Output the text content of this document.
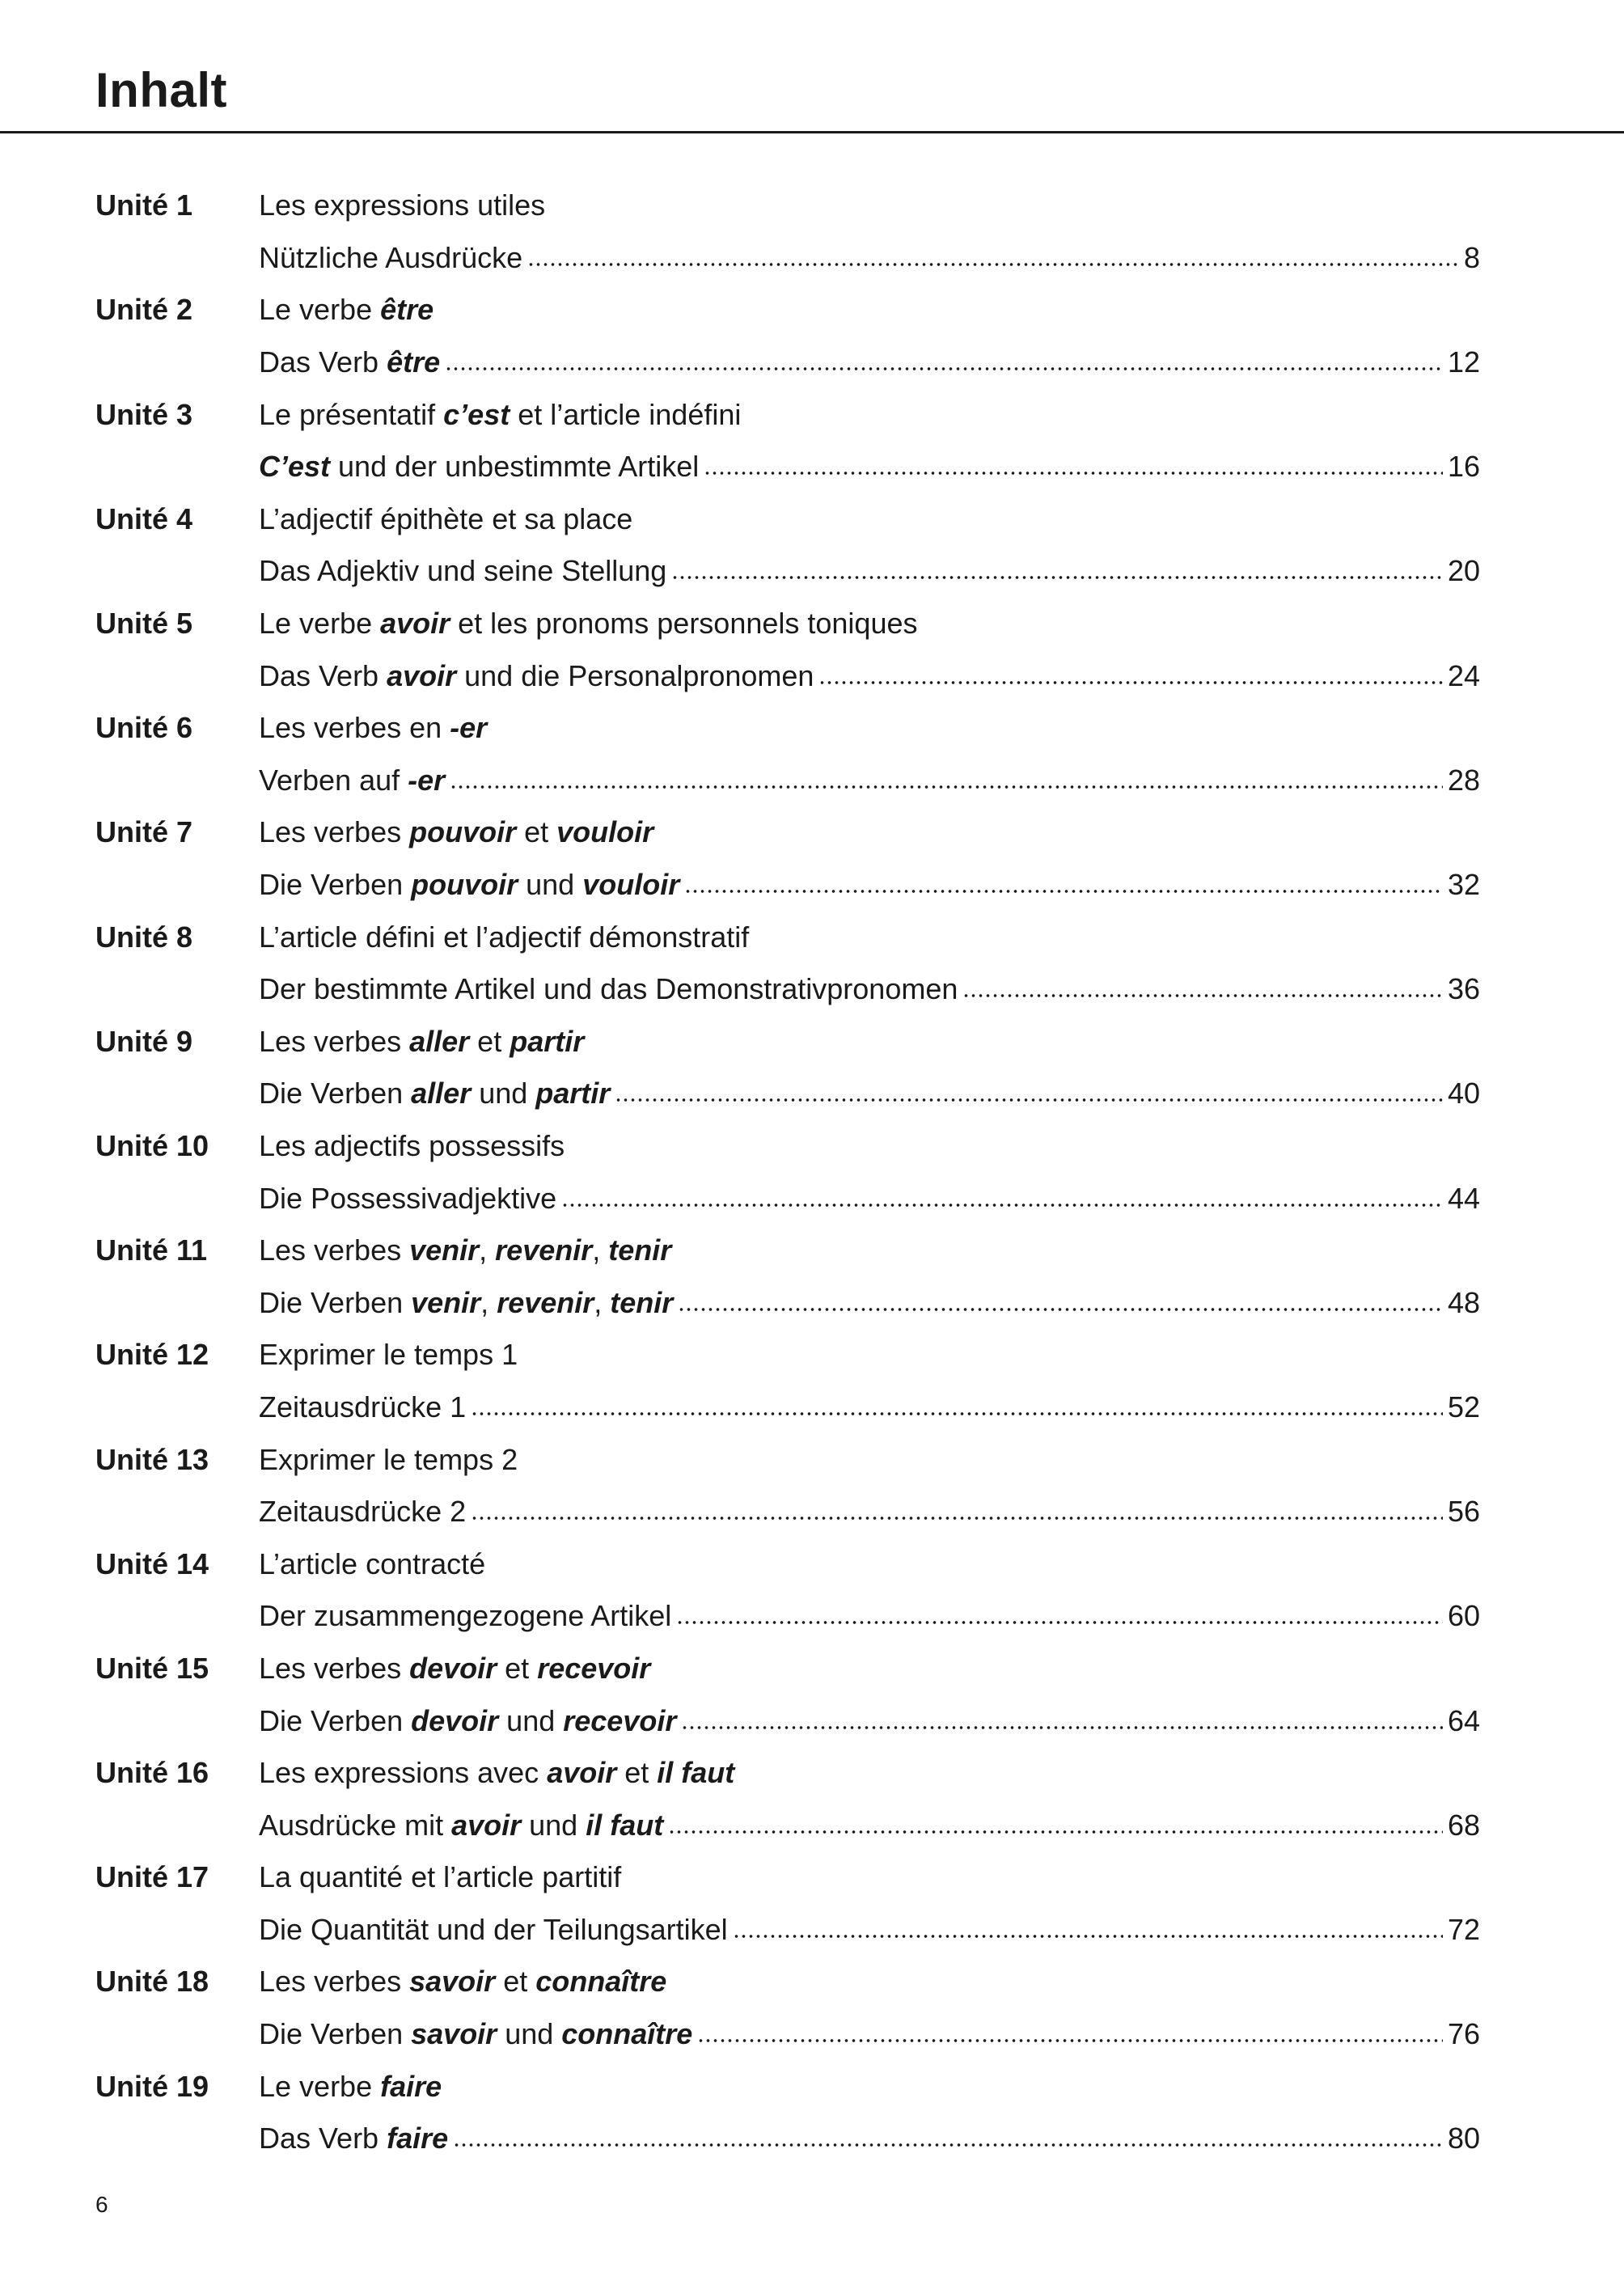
Inhalt
Unité 1	Les expressions utiles
Nützliche Ausdrücke	8
Unité 2	Le verbe être
Das Verb être	12
Unité 3	Le présentatif c’est et l’article indéfini
C’est und der unbestimmte Artikel	16
Unité 4	L’adjectif épithète et sa place
Das Adjektiv und seine Stellung	20
Unité 5	Le verbe avoir et les pronoms personnels toniques
Das Verb avoir und die Personalpronomen	24
Unité 6	Les verbes en -er
Verben auf -er	28
Unité 7	Les verbes pouvoir et vouloir
Die Verben pouvoir und vouloir	32
Unité 8	L’article défini et l’adjectif démonstratif
Der bestimmte Artikel und das Demonstrativpronomen	36
Unité 9	Les verbes aller et partir
Die Verben aller und partir	40
Unité 10	Les adjectifs possessifs
Die Possessivadjektive	44
Unité 11	Les verbes venir, revenir, tenir
Die Verben venir, revenir, tenir	48
Unité 12	Exprimer le temps 1
Zeitausdrücke 1	52
Unité 13	Exprimer le temps 2
Zeitausdrücke 2	56
Unité 14	L’article contracté
Der zusammengezogene Artikel	60
Unité 15	Les verbes devoir et recevoir
Die Verben devoir und recevoir	64
Unité 16	Les expressions avec avoir et il faut
Ausdrücke mit avoir und il faut	68
Unité 17	La quantité et l’article partitif
Die Quantität und der Teilungsartikel	72
Unité 18	Les verbes savoir et connaître
Die Verben savoir und connaître	76
Unité 19	Le verbe faire
Das Verb faire	80
6
